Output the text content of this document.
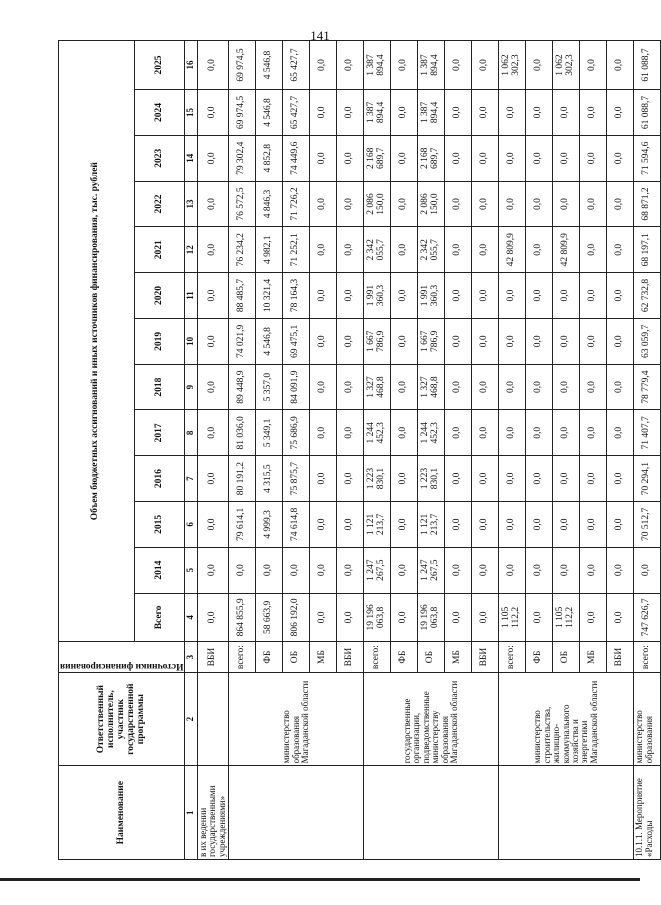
141
Наименование	Ответственный исполнитель, участник государственной программы	Источники финансирования	Объем бюджетных ассигнований и иных источников финансирования, тыс. рублей												
			Всего	2014	2015	2016	2017	2018	2019	2020	2021	2022	2023	2024	2025
1	2	3	4	5	6	7	8	9	10	11	12	13	14	15	16
в их ведении государственными учреждениями»		ВБИ	0,0	0,0	0,0	0,0	0,0	0,0	0,0	0,0	0,0	0,0	0,0	0,0	0,0
	министерство образования Магаданской области	всего:	864 855,9	0,0	79 614,1	80 191,2	81 036,0	89 448,9	74 021,9	88 485,7	76 234,2	76 572,5	79 302,4	69 974,5	69 974,5
		ФБ	58 663,9	0,0	4 999,3	4 315,5	5 349,1	5 357,0	4 546,8	10 321,4	4 982,1	4 846,3	4 852,8	4 546,8	4 546,8
		ОБ	806 192,0	0,0	74 614,8	75 875,7	75 686,9	84 091,9	69 475,1	78 164,3	71 252,1	71 726,2	74 449,6	65 427,7	65 427,7
		МБ	0,0	0,0	0,0	0,0	0,0	0,0	0,0	0,0	0,0	0,0	0,0	0,0	0,0
		ВБИ	0,0	0,0	0,0	0,0	0,0	0,0	0,0	0,0	0,0	0,0	0,0	0,0	0,0
	государственные организации, подведомственные министерству образования Магаданской области	всего:	19 196 063,8	1 247 267,5	1 121 213,7	1 223 830,1	1 244 452,3	1 327 468,8	1 667 786,9	1 991 360,3	2 342 055,7	2 086 150,0	2 168 689,7	1 387 894,4	1 387 894,4
		ФБ	0,0	0,0	0,0	0,0	0,0	0,0	0,0	0,0	0,0	0,0	0,0	0,0	0,0
		ОБ	19 196 063,8	1 247 267,5	1 121 213,7	1 223 830,1	1 244 452,3	1 327 468,8	1 667 786,9	1 991 360,3	2 342 055,7	2 086 150,0	2 168 689,7	1 387 894,4	1 387 894,4
		МБ	0,0	0,0	0,0	0,0	0,0	0,0	0,0	0,0	0,0	0,0	0,0	0,0	0,0
		ВБИ	0,0	0,0	0,0	0,0	0,0	0,0	0,0	0,0	0,0	0,0	0,0	0,0	0,0
	министерство строительства, жилищно-коммунального хозяйства и энергетики Магаданской области	всего:	1 105 112,2	0,0	0,0	0,0	0,0	0,0	0,0	0,0	42 809,9	0,0	0,0	0,0	1 062 302,3
		ФБ	0,0	0,0	0,0	0,0	0,0	0,0	0,0	0,0	0,0	0,0	0,0	0,0	0,0
		ОБ	1 105 112,2	0,0	0,0	0,0	0,0	0,0	0,0	0,0	42 809,9	0,0	0,0	0,0	1 062 302,3
		МБ	0,0	0,0	0,0	0,0	0,0	0,0	0,0	0,0	0,0	0,0	0,0	0,0	0,0
		ВБИ	0,0	0,0	0,0	0,0	0,0	0,0	0,0	0,0	0,0	0,0	0,0	0,0	0,0
10.1.1. Мероприятие «Расходы	министерство образования	всего:	747 626,7	0,0	70 512,7	70 294,1	71 407,7	78 779,4	63 059,7	62 732,8	68 197,1	68 871,2	71 594,6	61 088,7	61 088,7
